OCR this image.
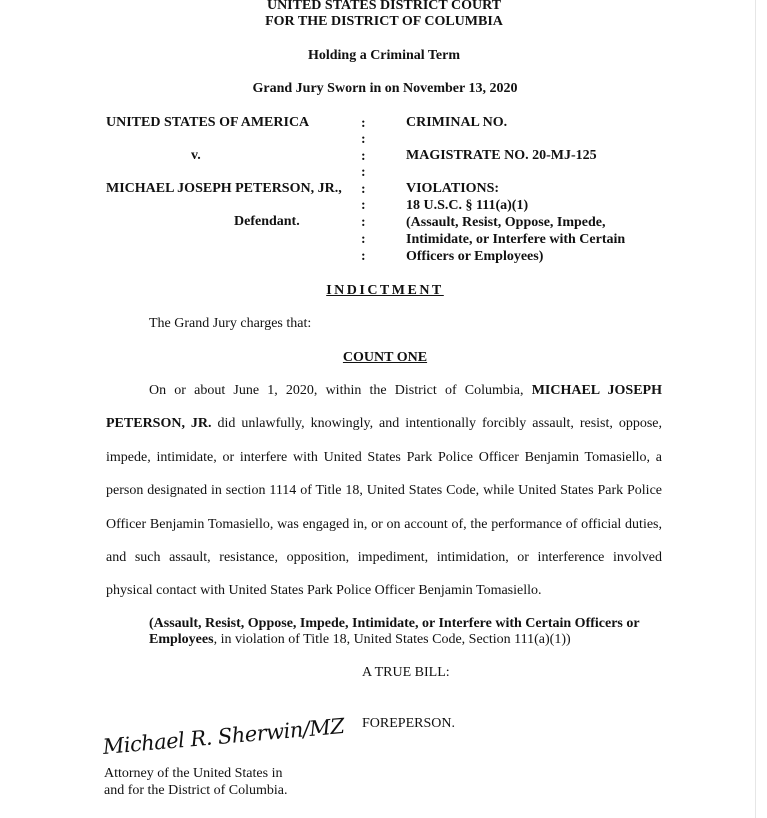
UNITED STATES DISTRICT COURT
FOR THE DISTRICT OF COLUMBIA
Holding a Criminal Term
Grand Jury Sworn in on November 13, 2020
UNITED STATES OF AMERICA
v.
MICHAEL JOSEPH PETERSON, JR.,
Defendant.
:
:
:
:
:
:
:
:
:
CRIMINAL NO.
MAGISTRATE NO. 20-MJ-125
VIOLATIONS:
18 U.S.C. § 111(a)(1)
(Assault, Resist, Oppose, Impede,
Intimidate, or Interfere with Certain
Officers or Employees)
INDICTMENT
The Grand Jury charges that:
COUNT ONE
On or about June 1, 2020, within the District of Columbia, MICHAEL JOSEPH
PETERSON, JR. did unlawfully, knowingly, and intentionally forcibly assault, resist, oppose,
impede, intimidate, or interfere with United States Park Police Officer Benjamin Tomasiello, a
person designated in section 1114 of Title 18, United States Code, while United States Park Police
Officer Benjamin Tomasiello, was engaged in, or on account of, the performance of official duties,
and such assault, resistance, opposition, impediment, intimidation, or interference involved
physical contact with United States Park Police Officer Benjamin Tomasiello.
(Assault, Resist, Oppose, Impede, Intimidate, or Interfere with Certain Officers or
Employees, in violation of Title 18, United States Code, Section 111(a)(1))
A TRUE BILL:
FOREPERSON.
Michael R. Sherwin/MZ
Attorney of the United States in
and for the District of Columbia.
